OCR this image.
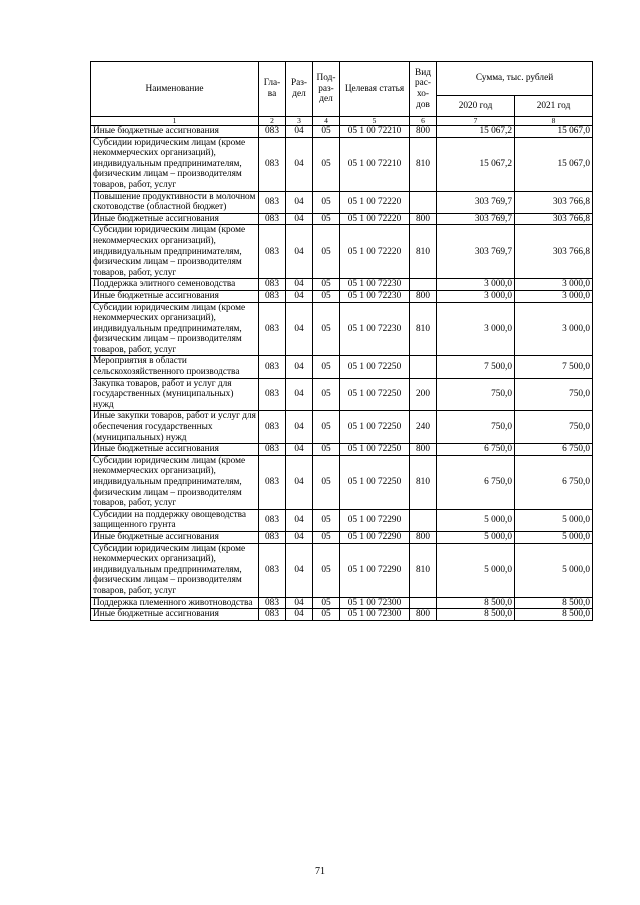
Наименование	Гла-ва	Раз-дел	Под-раз-дел	Целевая статья	Вид рас-хо-дов	Сумма, тыс. рублей	
						2020 год	2021 год
1	2	3	4	5	6	7	8
Иные бюджетные ассигнования	083	04	05	05 1 00 72210	800	15 067,2	15 067,0
Субсидии юридическим лицам (кроме некоммерческих организаций), индивидуальным предпринимателям, физическим лицам – производителям товаров, работ, услуг	083	04	05	05 1 00 72210	810	15 067,2	15 067,0
Повышение продуктивности в молочном скотоводстве (областной бюджет)	083	04	05	05 1 00 72220		303 769,7	303 766,8
Иные бюджетные ассигнования	083	04	05	05 1 00 72220	800	303 769,7	303 766,8
Субсидии юридическим лицам (кроме некоммерческих организаций), индивидуальным предпринимателям, физическим лицам – производителям товаров, работ, услуг	083	04	05	05 1 00 72220	810	303 769,7	303 766,8
Поддержка элитного семеноводства	083	04	05	05 1 00 72230		3 000,0	3 000,0
Иные бюджетные ассигнования	083	04	05	05 1 00 72230	800	3 000,0	3 000,0
Субсидии юридическим лицам (кроме некоммерческих организаций), индивидуальным предпринимателям, физическим лицам – производителям товаров, работ, услуг	083	04	05	05 1 00 72230	810	3 000,0	3 000,0
Мероприятия в области сельскохозяйственного производства	083	04	05	05 1 00 72250		7 500,0	7 500,0
Закупка товаров, работ и услуг для государственных (муниципальных) нужд	083	04	05	05 1 00 72250	200	750,0	750,0
Иные закупки товаров, работ и услуг для обеспечения государственных (муниципальных) нужд	083	04	05	05 1 00 72250	240	750,0	750,0
Иные бюджетные ассигнования	083	04	05	05 1 00 72250	800	6 750,0	6 750,0
Субсидии юридическим лицам (кроме некоммерческих организаций), индивидуальным предпринимателям, физическим лицам – производителям товаров, работ, услуг	083	04	05	05 1 00 72250	810	6 750,0	6 750,0
Субсидии на поддержку овощеводства защищенного грунта	083	04	05	05 1 00 72290		5 000,0	5 000,0
Иные бюджетные ассигнования	083	04	05	05 1 00 72290	800	5 000,0	5 000,0
Субсидии юридическим лицам (кроме некоммерческих организаций), индивидуальным предпринимателям, физическим лицам – производителям товаров, работ, услуг	083	04	05	05 1 00 72290	810	5 000,0	5 000,0
Поддержка племенного животноводства	083	04	05	05 1 00 72300		8 500,0	8 500,0
Иные бюджетные ассигнования	083	04	05	05 1 00 72300	800	8 500,0	8 500,0
71
